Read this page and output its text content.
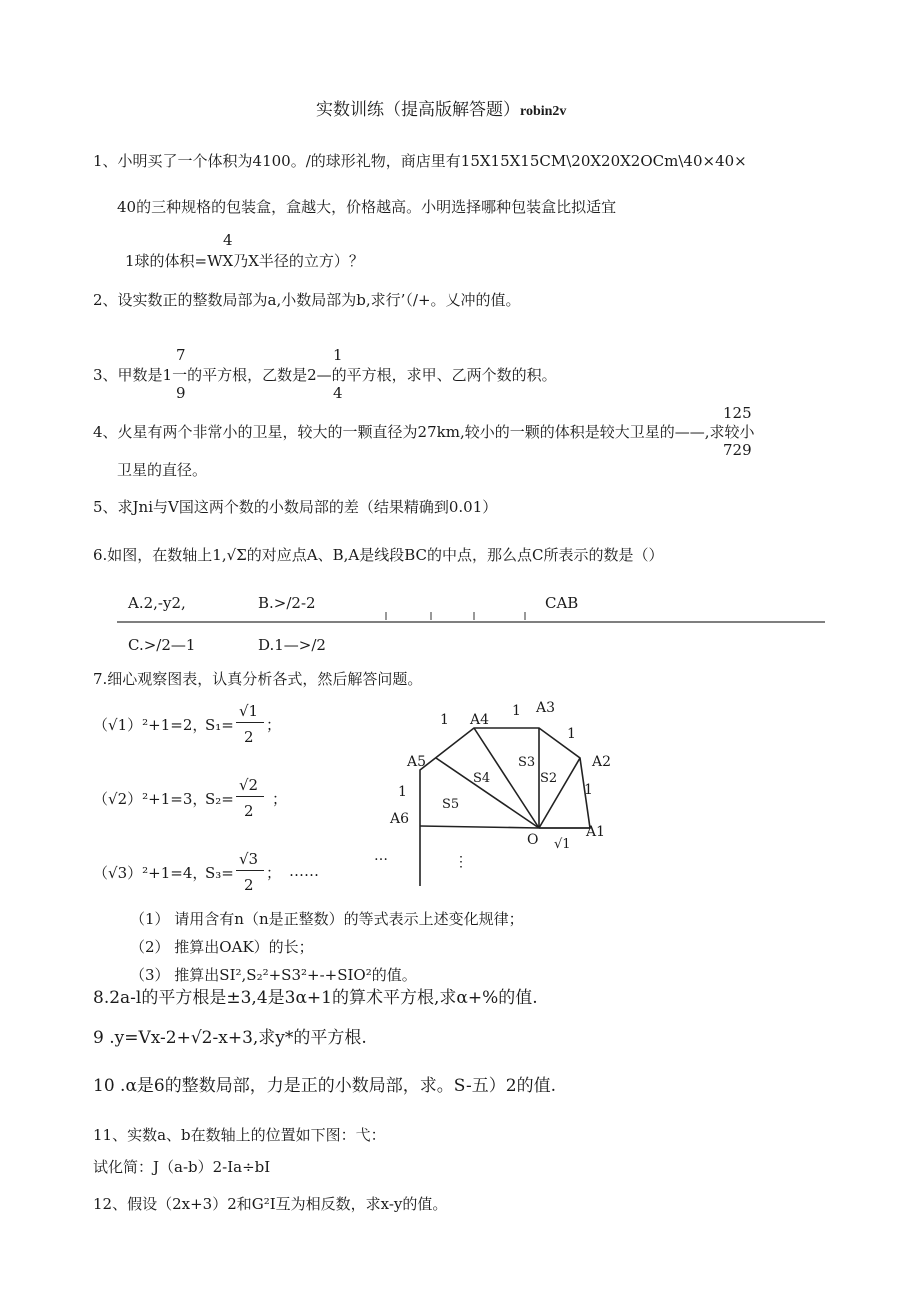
实数训练（提高版解答题）robin2v
1、小明买了一个体积为4100。/的球形礼物，商店里有15X15X15CM\20X20X2OCm\40×40×
40的三种规格的包装盒，盒越大，价格越高。小明选择哪种包装盒比拟适宜
4
1球的体积=WX乃X半径的立方）？
2、设实数正的整数局部为a,小数局部为b,求行’（/+。乂冲的值。
7
9
1
4
3、甲数是1一的平方根，乙数是2—的平方根，求甲、乙两个数的积。
125
729
4、火星有两个非常小的卫星，较大的一颗直径为27km,较小的一颗的体积是较大卫星的——,求较小
卫星的直径。
5、求Jni与V国这两个数的小数局部的差（结果精确到0.01）
6.如图，在数轴上1,√Σ的对应点A、B,A是线段BC的中点，那么点C所表示的数是（）
A.2,-y2,	B.>/2-2	CAB
C.>/2—1	D.1—>/2
7.细心观察图表，认真分析各式，然后解答问题。
（√1）²+1=2，
S₁=
√1
2
；
（√2）²+1=3，
S₂=
√2
2
；
（√3）²+1=4，
S₃=
√3
2
； ……
1 A3
A4
1
1
A2
A5	S3
S2
S4
1	1
S5
A6
O	A1
√1
…	⋮
（1） 请用含有n（n是正整数）的等式表示上述变化规律；
（2） 推算出OAK）的长；
（3） 推算出SI²,S₂²+S3²+-+SIO²的值。
8.2a-l的平方根是±3,4是3α+1的算术平方根,求α+%的值.
9 .y=Vx-2+√2-x+3,求y*的平方根.
10 .α是6的整数局部，力是正的小数局部，求。S-五）2的值.
11、实数a、b在数轴上的位置如下图：弋：
试化简：J（a-b）2-Ia÷bI
12、假设（2x+3）2和G²I互为相反数，求x-y的值。
